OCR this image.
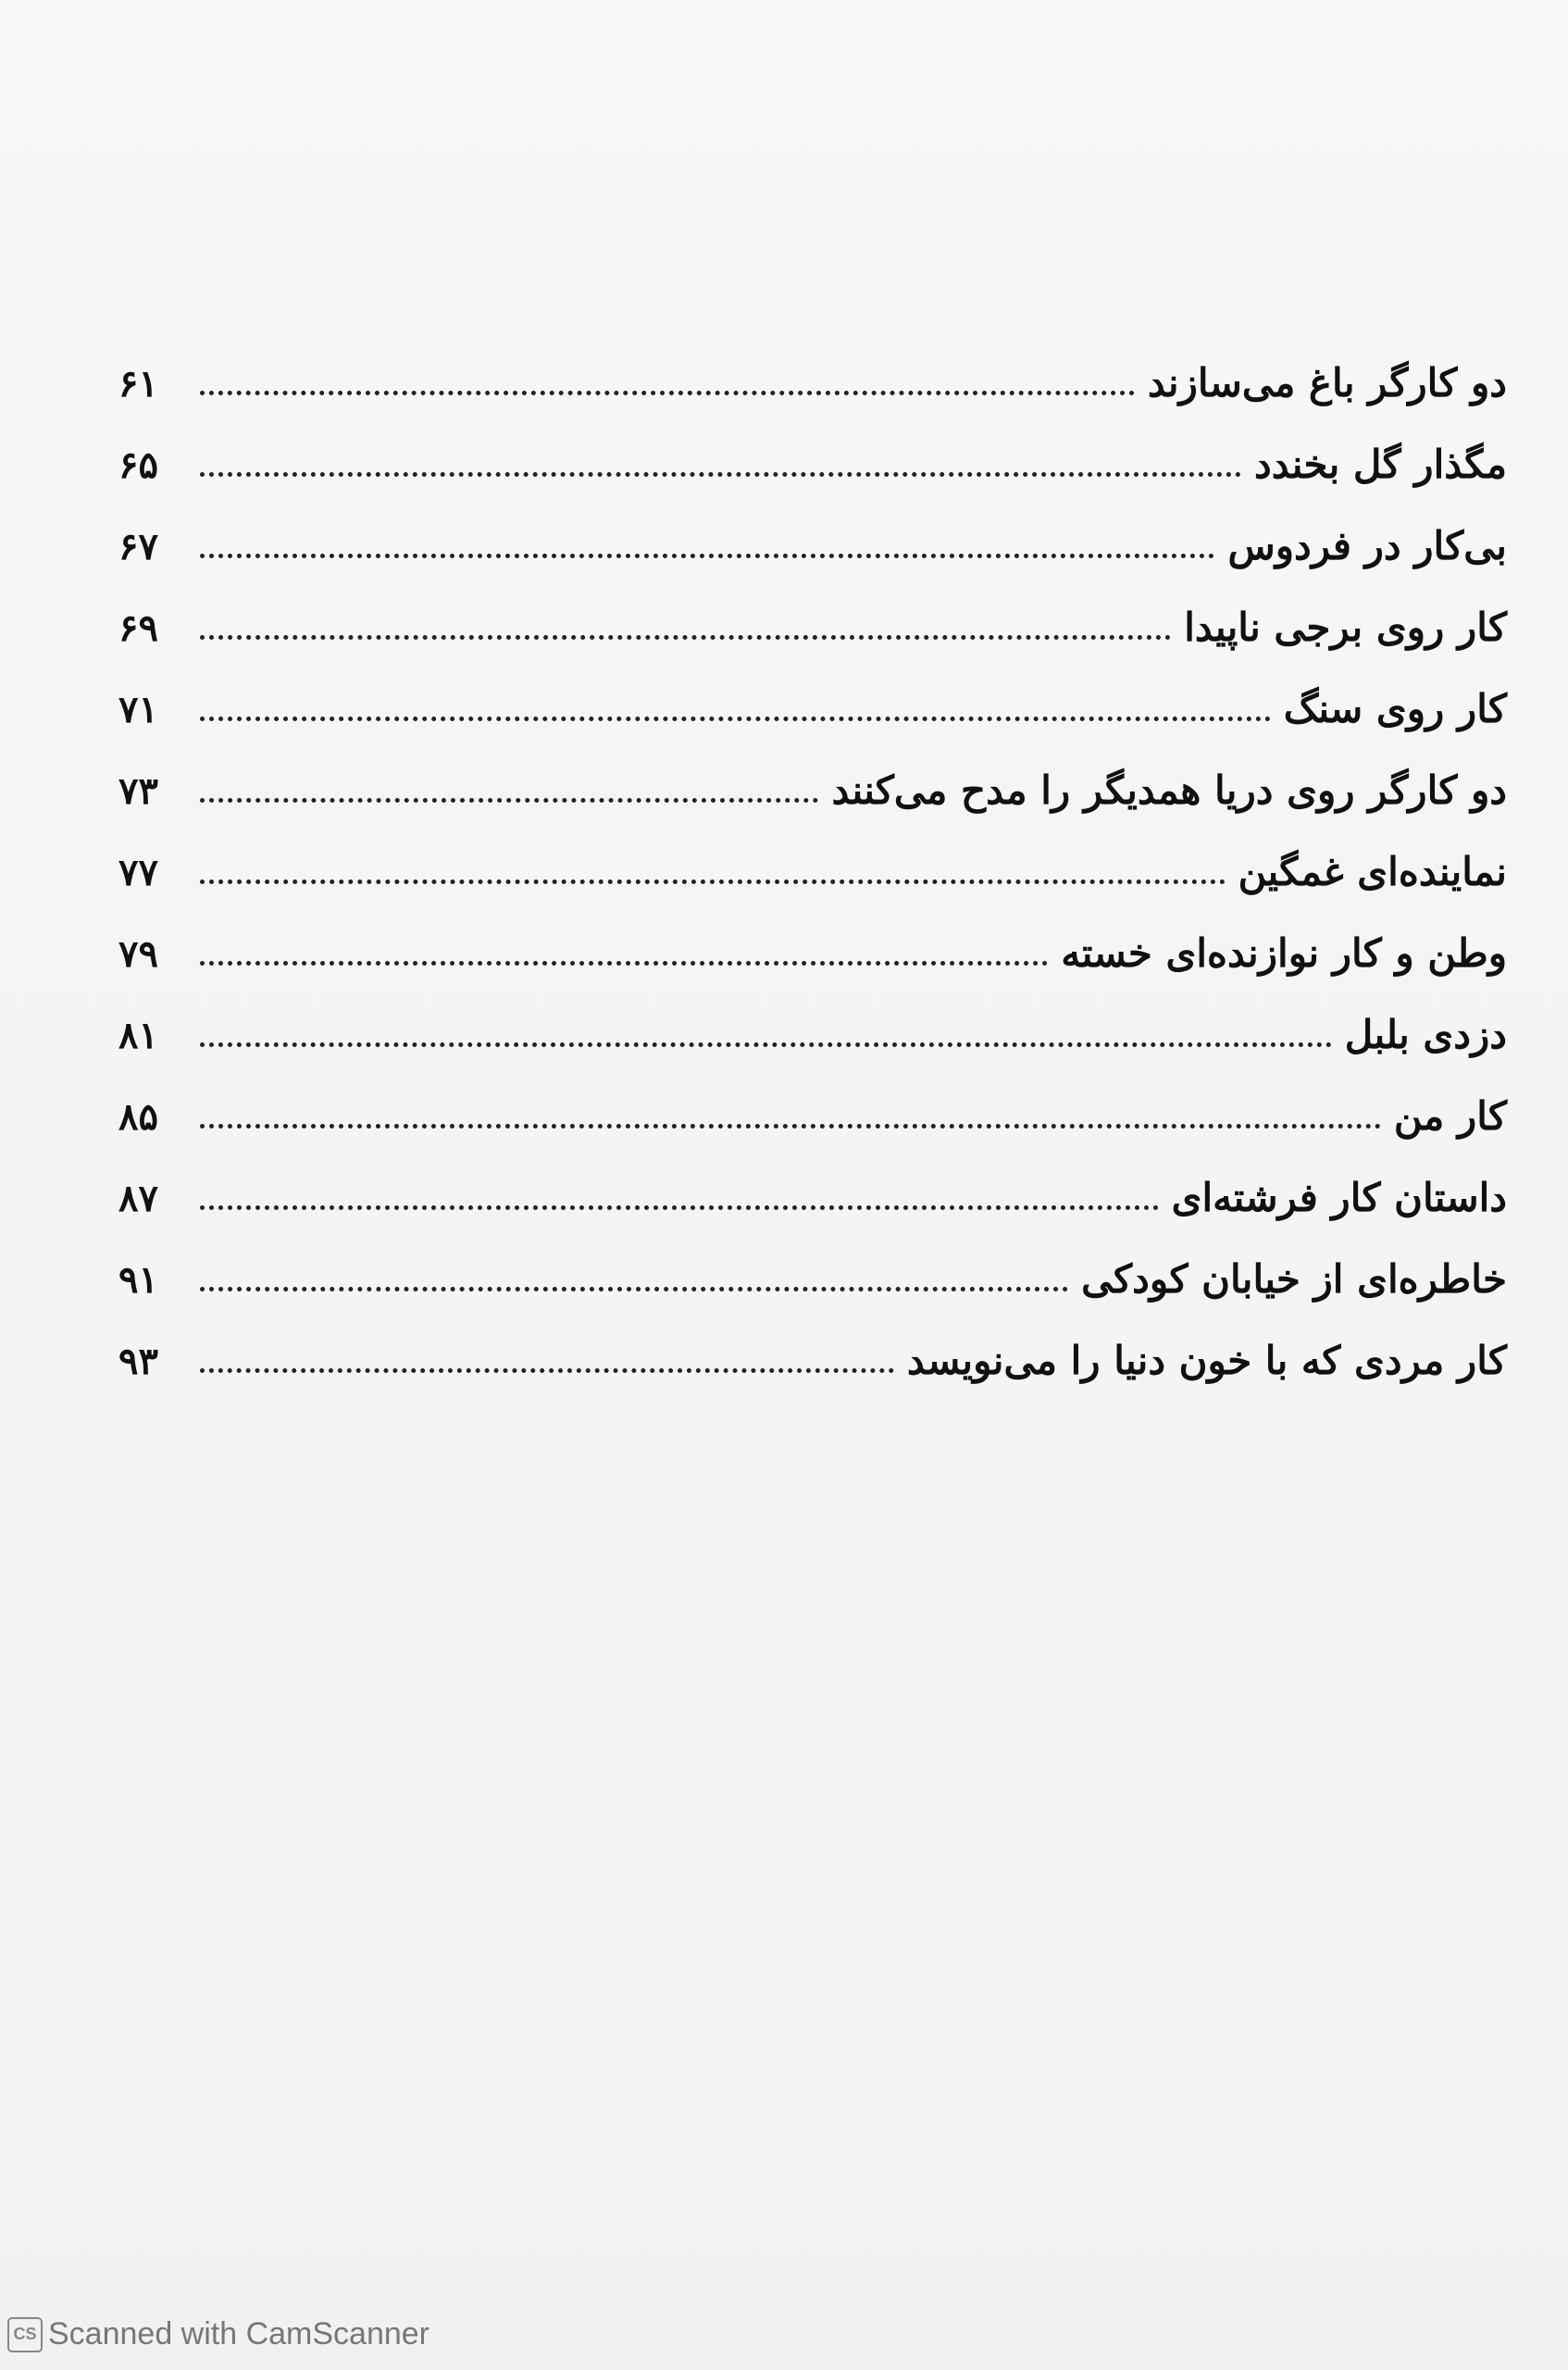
دو کارگر باغ می‌سازند
۶۱
مگذار گل بخندد
۶۵
بی‌کار در فردوس
۶۷
کار روی برجی ناپیدا
۶۹
کار روی سنگ
۷۱
دو کارگر روی دریا همدیگر را مدح می‌کنند
۷۳
نماینده‌ای غمگین
۷۷
وطن و کار نوازنده‌ای خسته
۷۹
دزدی بلبل
۸۱
کار من
۸۵
داستان کار فرشته‌ای
۸۷
خاطره‌ای از خیابان کودکی
۹۱
کار مردی که با خون دنیا را می‌نویسد
۹۳
CS Scanned with CamScanner
